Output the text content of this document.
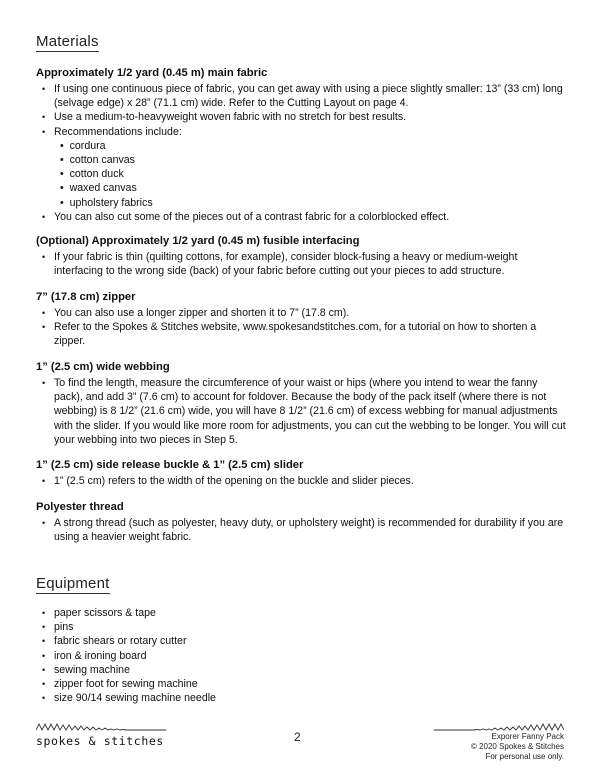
Materials
Approximately 1/2 yard (0.45 m) main fabric
• If using one continuous piece of fabric, you can get away with using a piece slightly smaller: 13” (33 cm) long (selvage edge) x 28” (71.1 cm) wide. Refer to the Cutting Layout on page 4.
• Use a medium-to-heavyweight woven fabric with no stretch for best results.
• Recommendations include:
•  cordura
•  cotton canvas
•  cotton duck
•  waxed canvas
•  upholstery fabrics
• You can also cut some of the pieces out of a contrast fabric for a colorblocked effect.
(Optional) Approximately 1/2 yard (0.45 m) fusible interfacing
• If your fabric is thin (quilting cottons, for example), consider block-fusing a heavy or medium-weight interfacing to the wrong side (back) of your fabric before cutting out your pieces to add structure.
7” (17.8 cm) zipper
• You can also use a longer zipper and shorten it to 7” (17.8 cm).
• Refer to the Spokes & Stitches website, www.spokesandstitches.com, for a tutorial on how to shorten a zipper.
1” (2.5 cm) wide webbing
• To find the length, measure the circumference of your waist or hips (where you intend to wear the fanny pack), and add 3” (7.6 cm) to account for foldover. Because the body of the pack itself (where there is not webbing) is 8 1/2” (21.6 cm) wide, you will have 8 1/2” (21.6 cm) of excess webbing for manual adjustments with the slider. If you would like more room for adjustments, you can cut the webbing to be longer. You will cut your webbing into two pieces in Step 5.
1” (2.5 cm) side release buckle & 1” (2.5 cm) slider
• 1” (2.5 cm) refers to the width of the opening on the buckle and slider pieces.
Polyester thread
• A strong thread (such as polyester, heavy duty, or upholstery weight) is recommended for durability if you are using a heavier weight fabric.
Equipment
• paper scissors & tape
• pins
• fabric shears or rotary cutter
• iron & ironing board
• sewing machine
• zipper foot for sewing machine
• size 90/14 sewing machine needle
spokes & stitches	2	Exporer Fanny Pack
© 2020 Spokes & Stitches
For personal use only.
